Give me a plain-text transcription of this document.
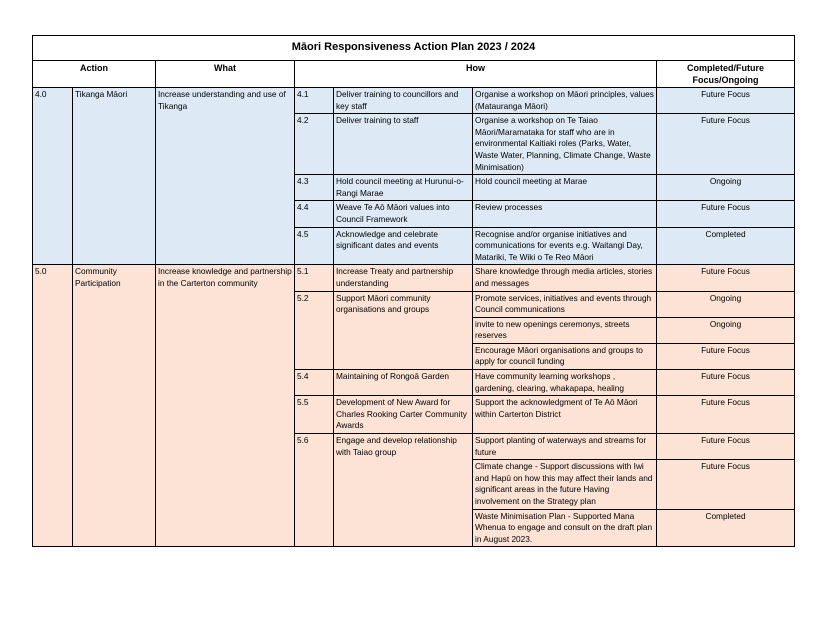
Māori Responsiveness Action Plan 2023 / 2024						
Action		What	How			Completed/Future Focus/Ongoing
4.0	Tikanga Māori	Increase understanding and use of Tikanga	4.1	Deliver training to councillors and key staff	Organise a workshop on Māori principles, values (Matauranga Māori)	Future Focus
			4.2	Deliver training to staff	Organise a workshop on Te Taiao Māori/Maramataka for staff who are in environmental Kaitiaki roles (Parks, Water, Waste Water, Planning, Climate Change, Waste Minimisation)	Future Focus
			4.3	Hold council meeting at Hurunui-o-Rangi Marae	Hold council meeting at Marae	Ongoing
			4.4	Weave Te Aō Māori values into Council Framework	Review processes	Future Focus
			4.5	Acknowledge and celebrate significant dates and events	Recognise and/or organise initiatives and communications for events e.g. Waitangi Day, Matariki, Te Wiki o Te Reo Māori	Completed
5.0	Community Participation	Increase knowledge and partnership in the Carterton community	5.1	Increase Treaty and partnership understanding	Share knowledge through media articles, stories and messages	Future Focus
			5.2	Support Māori community organisations and groups	Promote services, initiatives and events through Council communications	Ongoing
					invite to new openings ceremonys, streets reserves	Ongoing
					Encourage Māori organisations and groups to apply for council funding	Future Focus
			5.4	Maintaining of Rongoā Garden	Have community learning workshops , gardening, clearing, whakapapa, healing	Future Focus
			5.5	Development of New Award for Charles Rooking Carter Community Awards	Support the acknowledgment of Te Aō Māori within Carterton District	Future Focus
			5.6	Engage and develop relationship with Taiao group	Support planting of waterways and streams for future	Future Focus
					Climate change - Support discussions with Iwi and Hapū on how this may affect their lands and significant areas in the future Having involvement on the Strategy plan	Future Focus
					Waste Minimisation Plan - Supported Mana Whenua to engage and consult on the draft plan in August 2023.	Completed
